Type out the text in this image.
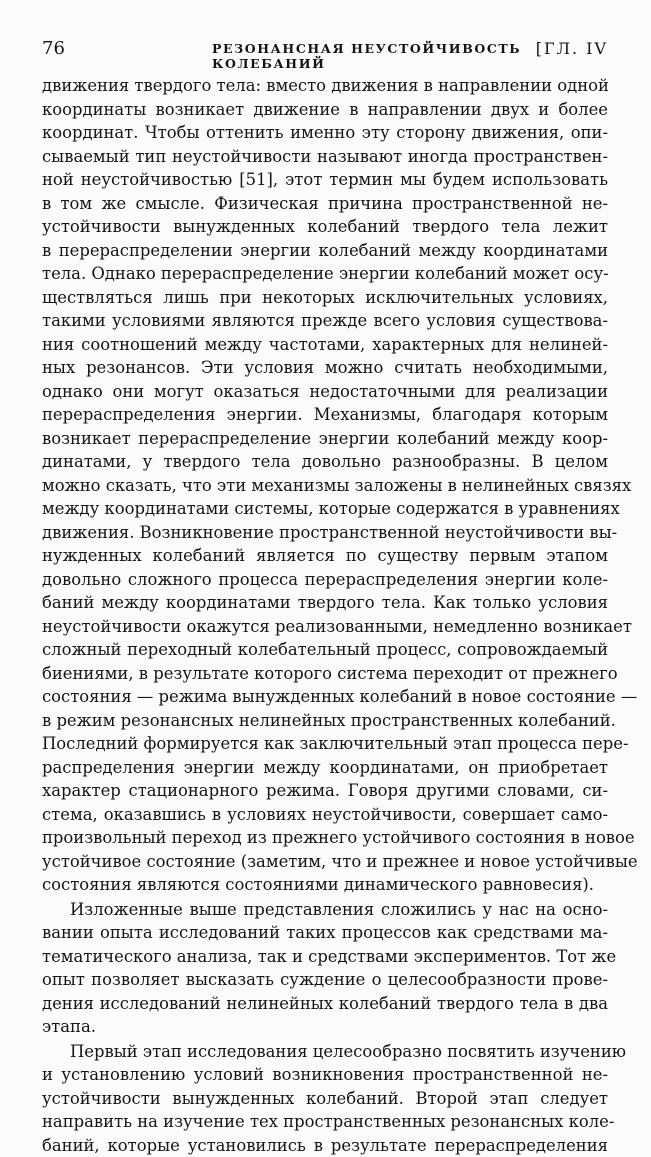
76	РЕЗОНАНСНАЯ НЕУСТОЙЧИВОСТЬ КОЛЕБАНИЙ
[ГЛ. IV
движения твердого тела: вместо движения в направлении одной
координаты возникает движение в направлении двух и более
координат. Чтобы оттенить именно эту сторону движения, опи-
сываемый тип неустойчивости называют иногда пространствен-
ной неустойчивостью [51], этот термин мы будем использовать
в том же смысле. Физическая причина пространственной не-
устойчивости вынужденных колебаний твердого тела лежит
в перераспределении энергии колебаний между координатами
тела. Однако перераспределение энергии колебаний может осу-
ществляться лишь при некоторых исключительных условиях,
такими условиями являются прежде всего условия существова-
ния соотношений между частотами, характерных для нелиней-
ных резонансов. Эти условия можно считать необходимыми,
однако они могут оказаться недостаточными для реализации
перераспределения энергии. Механизмы, благодаря которым
возникает перераспределение энергии колебаний между коор-
динатами, у твердого тела довольно разнообразны. В целом
можно сказать, что эти механизмы заложены в нелинейных связях
между координатами системы, которые содержатся в уравнениях
движения. Возникновение пространственной неустойчивости вы-
нужденных колебаний является по существу первым этапом
довольно сложного процесса перераспределения энергии коле-
баний между координатами твердого тела. Как только условия
неустойчивости окажутся реализованными, немедленно возникает
сложный переходный колебательный процесс, сопровождаемый
биениями, в результате которого система переходит от прежнего
состояния — режима вынужденных колебаний в новое состояние —
в режим резонансных нелинейных пространственных колебаний.
Последний формируется как заключительный этап процесса пере-
распределения энергии между координатами, он приобретает
характер стационарного режима. Говоря другими словами, си-
стема, оказавшись в условиях неустойчивости, совершает само-
произвольный переход из прежнего устойчивого состояния в новое
устойчивое состояние (заметим, что и прежнее и новое устойчивые
состояния являются состояниями динамического равновесия).
Изложенные выше представления сложились у нас на осно-
вании опыта исследований таких процессов как средствами ма-
тематического анализа, так и средствами экспериментов. Тот же
опыт позволяет высказать суждение о целесообразности прове-
дения исследований нелинейных колебаний твердого тела в два
этапа.
Первый этап исследования целесообразно посвятить изучению
и установлению условий возникновения пространственной не-
устойчивости вынужденных колебаний. Второй этап следует
направить на изучение тех пространственных резонансных коле-
баний, которые установились в результате перераспределения
